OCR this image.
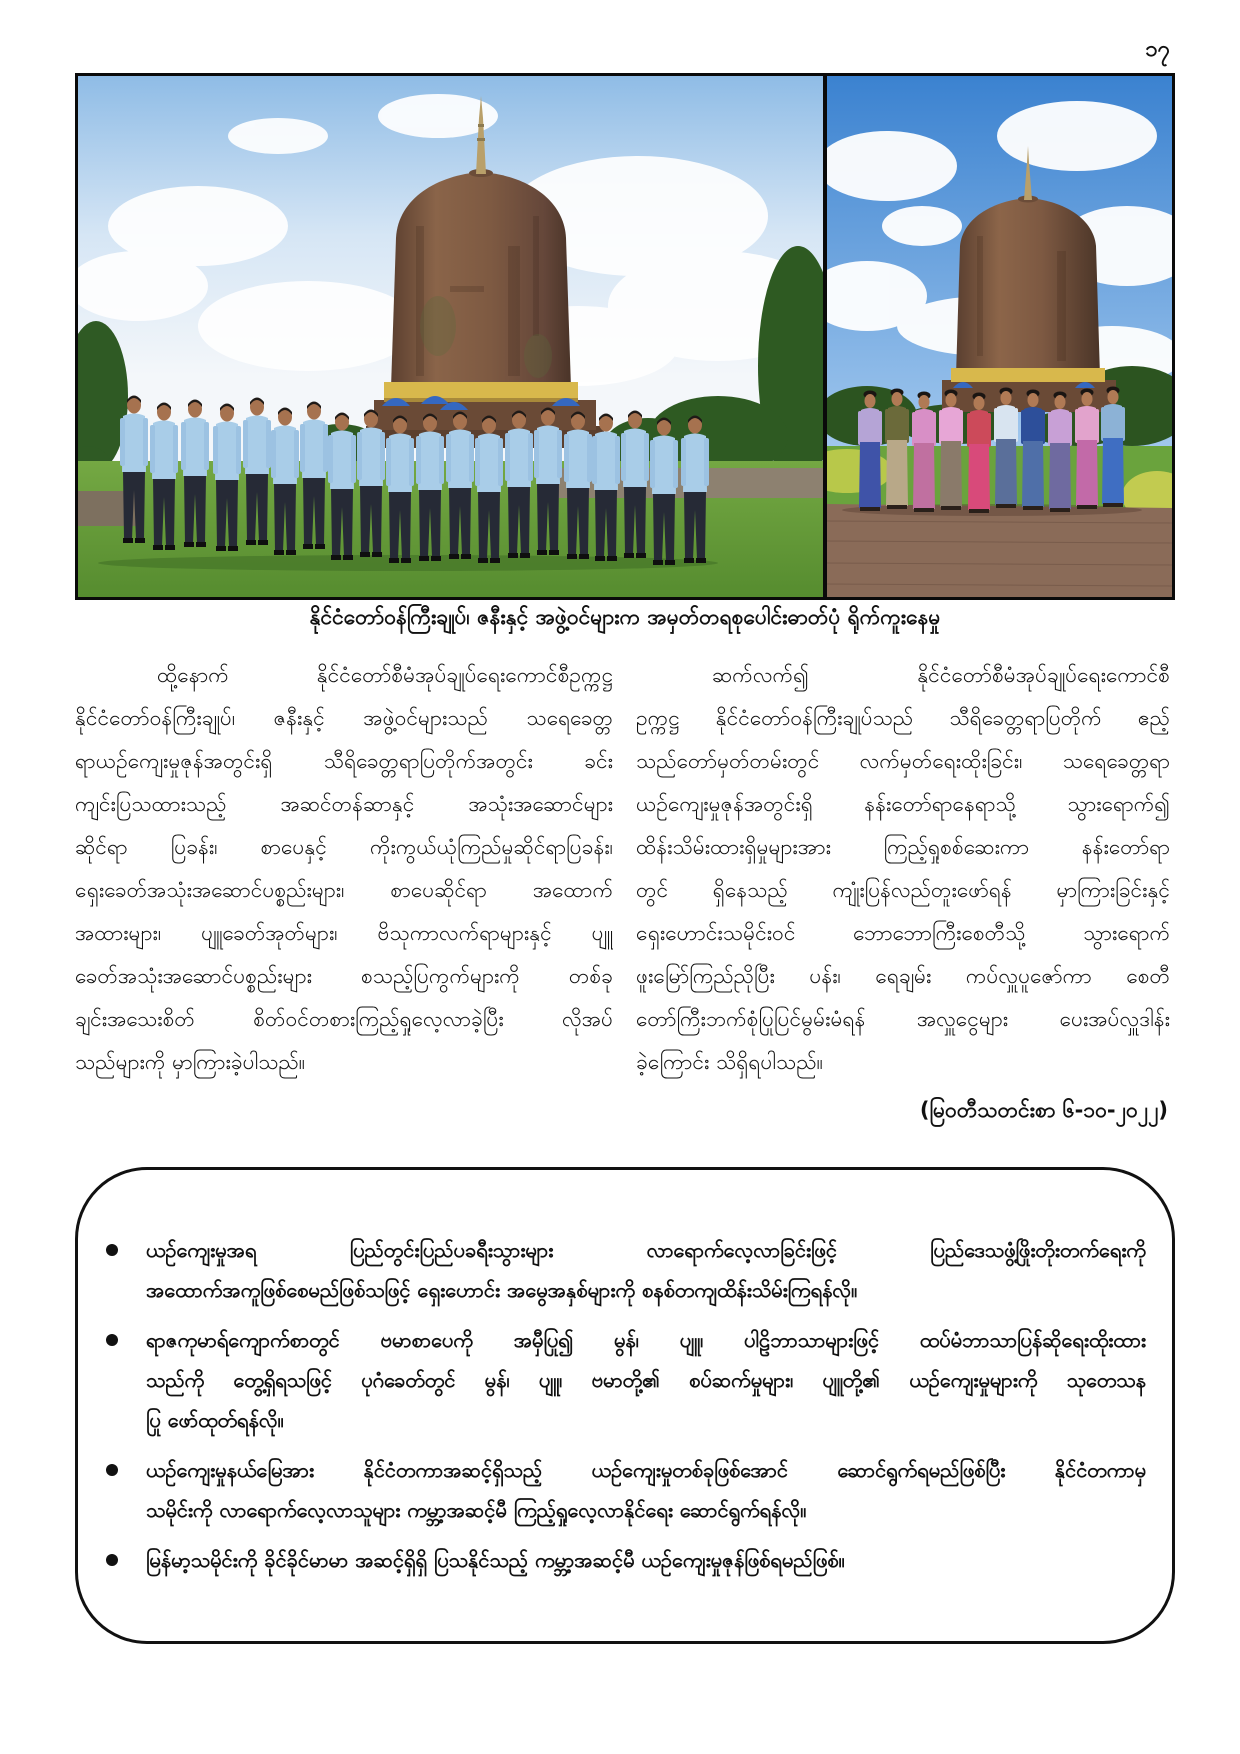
၁၇
နိုင်ငံတော်ဝန်ကြီးချုပ်၊ ဇနီးနှင့် အဖွဲ့ဝင်များက အမှတ်တရစုပေါင်းဓာတ်ပုံ ရိုက်ကူးနေမှု
ထို့နောက် နိုင်ငံတော်စီမံအုပ်ချုပ်ရေးကောင်စီဥက္ကဋ္ဌ
နိုင်ငံတော်ဝန်ကြီးချုပ်၊ ဇနီးနှင့် အဖွဲ့ဝင်များသည် သရေခေတ္တ
ရာယဉ်ကျေးမှုဇုန်အတွင်းရှိ သီရိခေတ္တရာပြတိုက်အတွင်း ခင်း
ကျင်းပြသထားသည့် အဆင်တန်ဆာနှင့် အသုံးအဆောင်များ
ဆိုင်ရာ ပြခန်း၊ စာပေနှင့် ကိုးကွယ်ယုံကြည်မှုဆိုင်ရာပြခန်း၊
ရှေးခေတ်အသုံးအဆောင်ပစ္စည်းများ၊ စာပေဆိုင်ရာ အထောက်
အထားများ၊ ပျူခေတ်အုတ်များ၊ ဗိသုကာလက်ရာများနှင့် ပျူ
ခေတ်အသုံးအဆောင်ပစ္စည်းများ စသည့်ပြကွက်များကို တစ်ခု
ချင်းအသေးစိတ် စိတ်ဝင်တစားကြည့်ရှုလေ့လာခဲ့ပြီး လိုအပ်
သည်များကို မှာကြားခဲ့ပါသည်။
ဆက်လက်၍ နိုင်ငံတော်စီမံအုပ်ချုပ်ရေးကောင်စီ
ဥက္ကဋ္ဌ နိုင်ငံတော်ဝန်ကြီးချုပ်သည် သီရိခေတ္တရာပြတိုက် ဧည့်
သည်တော်မှတ်တမ်းတွင် လက်မှတ်ရေးထိုးခြင်း၊ သရေခေတ္တရာ
ယဉ်ကျေးမှုဇုန်အတွင်းရှိ နန်းတော်ရာနေရာသို့ သွားရောက်၍
ထိန်းသိမ်းထားရှိမှုများအား ကြည့်ရှုစစ်ဆေးကာ နန်းတော်ရာ
တွင် ရှိနေသည့် ကျုံးပြန်လည်တူးဖော်ရန် မှာကြားခြင်းနှင့်
ရှေးဟောင်းသမိုင်းဝင် ဘောဘောကြီးစေတီသို့ သွားရောက်
ဖူးမြော်ကြည်ညိုပြီး ပန်း၊ ရေချမ်း ကပ်လှူပူဇော်ကာ စေတီ
တော်ကြီးဘက်စုံပြုပြင်မွမ်းမံရန် အလှူငွေများ ပေးအပ်လှူဒါန်း
ခဲ့ကြောင်း သိရှိရပါသည်။
(မြဝတီသတင်းစာ ၆-၁၀-၂၀၂၂)
ယဉ်ကျေးမှုအရ ပြည်တွင်းပြည်ပခရီးသွားများ လာရောက်လေ့လာခြင်းဖြင့် ပြည်ဒေသဖွံ့ဖြိုးတိုးတက်ရေးကို
အထောက်အကူဖြစ်စေမည်ဖြစ်သဖြင့် ရှေးဟောင်း အမွေအနှစ်များကို စနစ်တကျထိန်းသိမ်းကြရန်လို။
ရာဇကုမာရ်ကျောက်စာတွင် ဗမာစာပေကို အမှီပြု၍ မွန်၊ ပျူ၊ ပါဠိဘာသာများဖြင့် ထပ်မံဘာသာပြန်ဆိုရေးထိုးထား
သည်ကို တွေ့ရှိရသဖြင့် ပုဂံခေတ်တွင် မွန်၊ ပျူ၊ ဗမာတို့၏ စပ်ဆက်မှုများ၊ ပျူတို့၏ ယဉ်ကျေးမှုများကို သုတေသန
ပြု ဖော်ထုတ်ရန်လို။
ယဉ်ကျေးမှုနယ်မြေအား နိုင်ငံတကာအဆင့်ရှိသည့် ယဉ်ကျေးမှုတစ်ခုဖြစ်အောင် ဆောင်ရွက်ရမည်ဖြစ်ပြီး နိုင်ငံတကာမှ
သမိုင်းကို လာရောက်လေ့လာသူများ ကမ္ဘာ့အဆင့်မီ ကြည့်ရှုလေ့လာနိုင်ရေး ဆောင်ရွက်ရန်လို။
မြန်မာ့သမိုင်းကို ခိုင်ခိုင်မာမာ အဆင့်ရှိရှိ ပြသနိုင်သည့် ကမ္ဘာ့အဆင့်မီ ယဉ်ကျေးမှုဇုန်ဖြစ်ရမည်ဖြစ်။
